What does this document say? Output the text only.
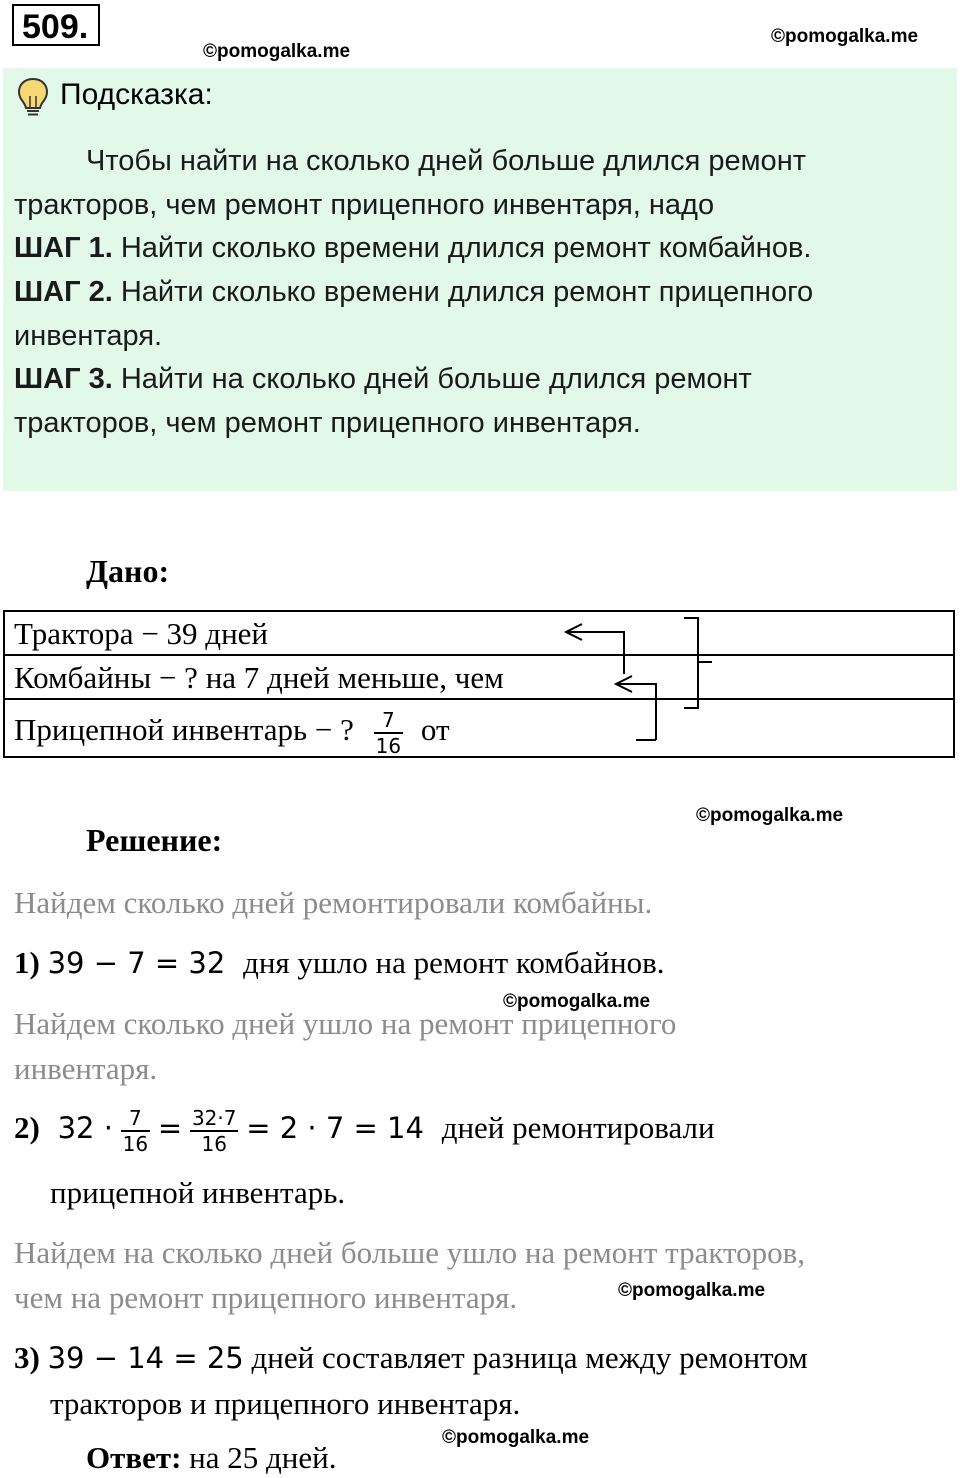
509.
©pomogalka.me
©pomogalka.me
Подсказка:
Чтобы найти на сколько дней больше длился ремонт
тракторов, чем ремонт прицепного инвентаря, надо
ШАГ 1. Найти сколько времени длился ремонт комбайнов.
ШАГ 2. Найти сколько времени длился ремонт прицепного
инвентаря.
ШАГ 3. Найти на сколько дней больше длился ремонт
тракторов, чем ремонт прицепного инвентаря.
Дано:
Трактора − 39 дней
Комбайны − ? на 7 дней меньше, чем
Прицепной инвентарь − ? $\frac{7}{16}$ от
©pomogalka.me
Решение:
Найдем сколько дней ремонтировали комбайны.
1) 39 − 7 = 32 дня ушло на ремонт комбайнов.
©pomogalka.me
Найдем сколько дней ушло на ремонт прицепного
инвентаря.
2) $32 \cdot \frac{7}{16} = \frac{32\cdot 7}{16} = 2 \cdot 7 = 14$ дней ремонтировали
прицепной инвентарь.
Найдем на сколько дней больше ушло на ремонт тракторов,
чем на ремонт прицепного инвентаря.	©pomogalka.me
3) 39 − 14 = 25 дней составляет разница между ремонтом
тракторов и прицепного инвентаря.
©pomogalka.me
Ответ: на 25 дней.
